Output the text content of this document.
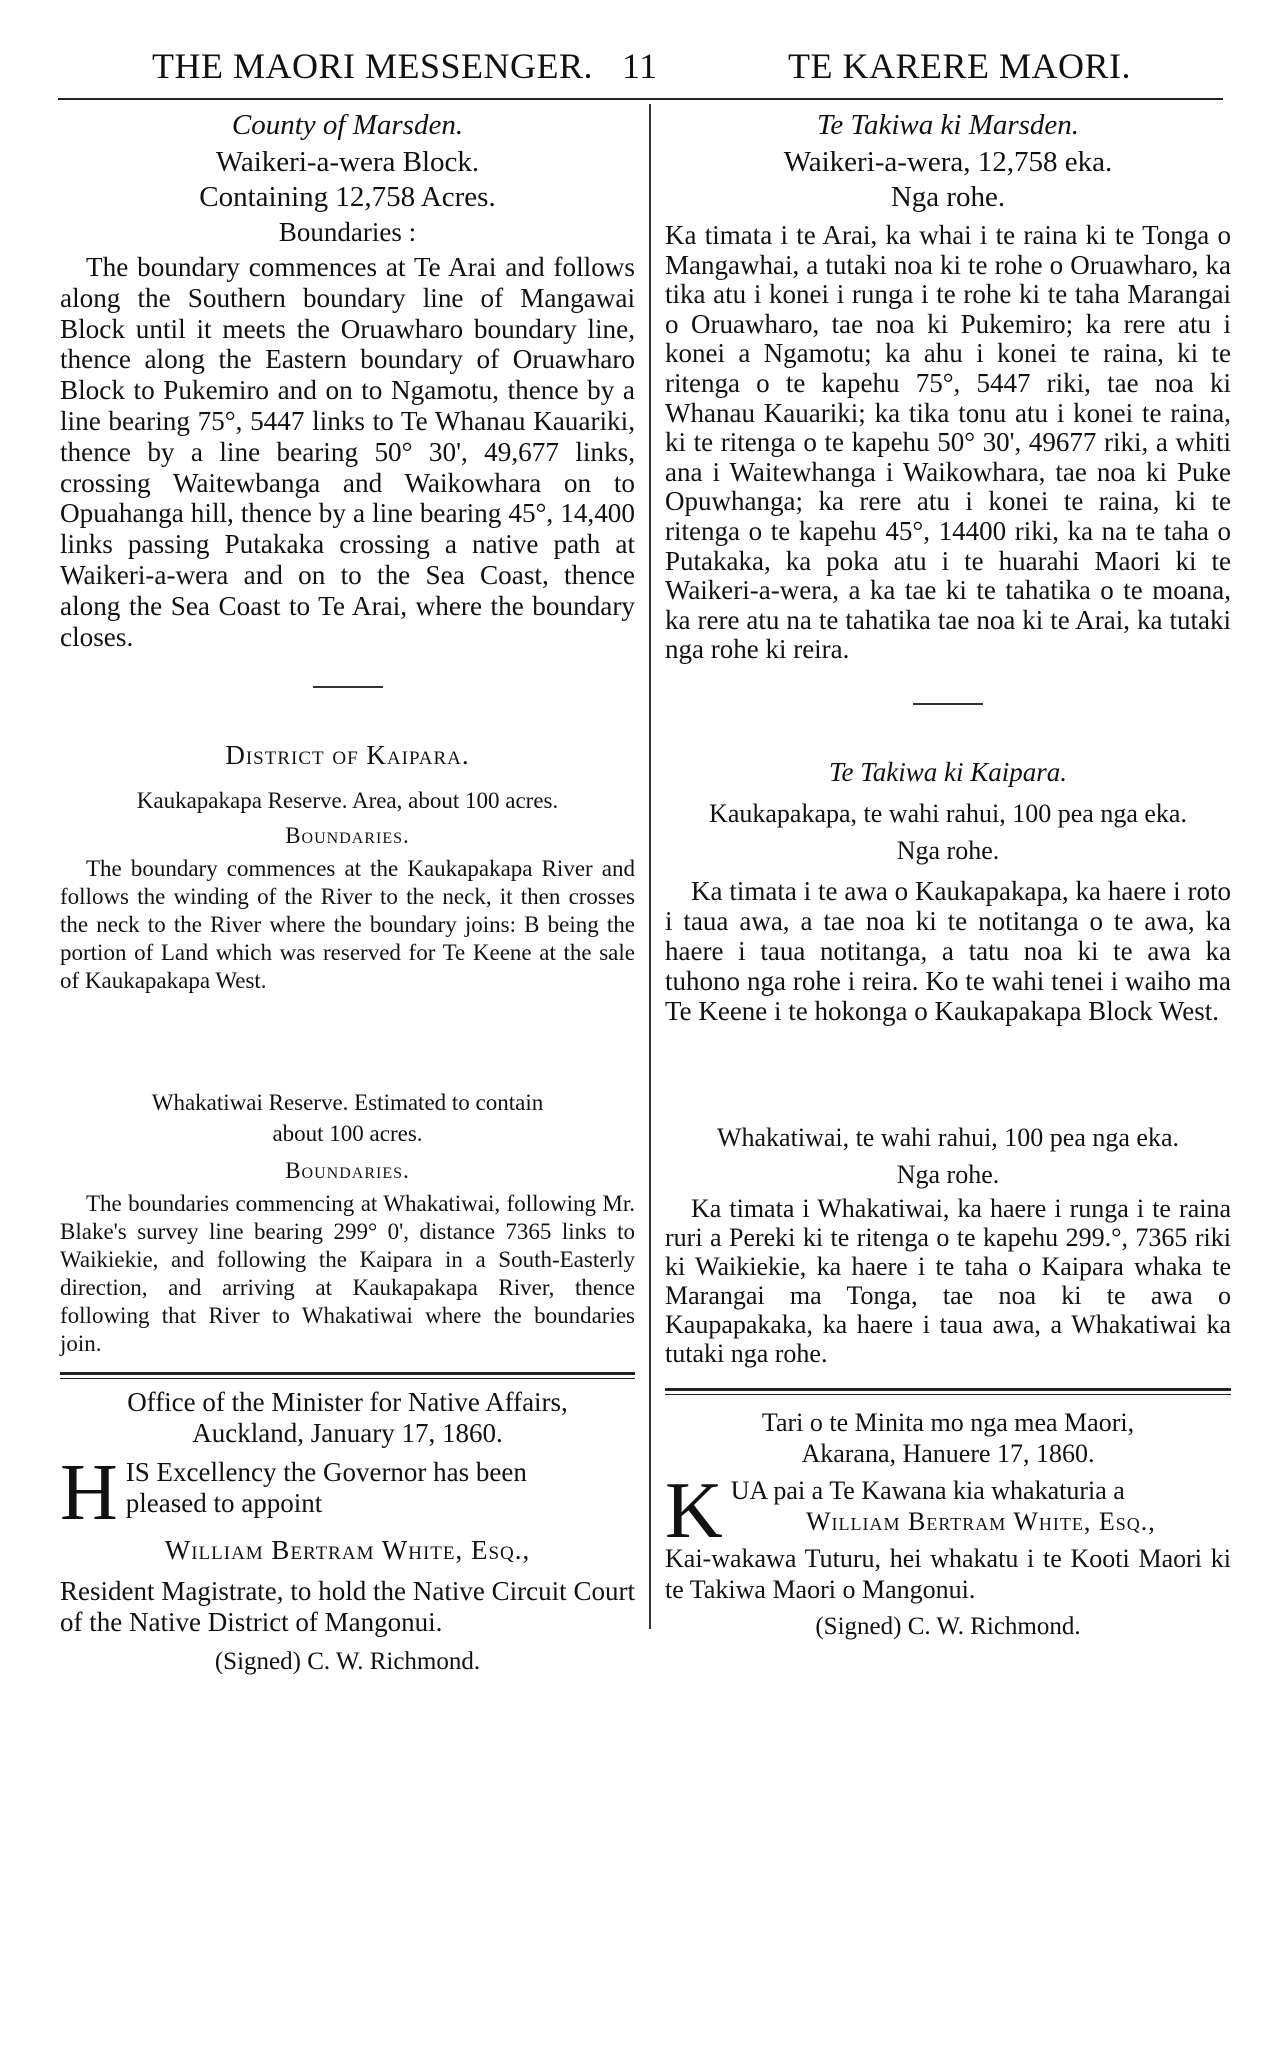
THE MAORI MESSENGER. 11	TE KARERE MAORI.

County of Marsden.

Waikeri-a-wera Block.

Containing 12,758 Acres.

Boundaries :

The boundary commences at Te Arai and follows along the Southern boundary line of Mangawai Block until it meets the Oruawharo boundary line, thence along the Eastern boundary of Oruawharo Block to Pukemiro and on to Ngamotu, thence by a line bearing 75°, 5447 links to Te Whanau Kauariki, thence by a line bearing 50° 30', 49,677 links, crossing Waitewbanga and Waikowhara on to Opuahanga hill, thence by a line bearing 45°, 14,400 links passing Putakaka crossing a native path at Waikeri-a-wera and on to the Sea Coast, thence along the Sea Coast to Te Arai, where the boundary closes.

District of Kaipara.

Kaukapakapa Reserve. Area, about 100 acres.

Boundaries.

The boundary commences at the Kaukapakapa River and follows the winding of the River to the neck, it then crosses the neck to the River where the boundary joins: B being the portion of Land which was reserved for Te Keene at the sale of Kaukapakapa West.

Whakatiwai Reserve. Estimated to contain

about 100 acres.

Boundaries.

The boundaries commencing at Whakatiwai, following Mr. Blake's survey line bearing 299° 0', distance 7365 links to Waikiekie, and following the Kaipara in a South-Easterly direction, and arriving at Kaukapakapa River, thence following that River to Whakatiwai where the boundaries join.

Office of the Minister for Native Affairs,

Auckland, January 17, 1860.

H IS Excellency the Governor has been

pleased to appoint

William Bertram White, Esq.,

Resident Magistrate, to hold the Native Circuit Court of the Native District of Mangonui.

(Signed) C. W. Richmond.

Te Takiwa ki Marsden.

Waikeri-a-wera, 12,758 eka.

Nga rohe.

Ka timata i te Arai, ka whai i te raina ki te Tonga o Mangawhai, a tutaki noa ki te rohe o Oruawharo, ka tika atu i konei i runga i te rohe ki te taha Marangai o Oruawharo, tae noa ki Pukemiro; ka rere atu i konei a Ngamotu; ka ahu i konei te raina, ki te ritenga o te kapehu 75°, 5447 riki, tae noa ki Whanau Kauariki; ka tika tonu atu i konei te raina, ki te ritenga o te kapehu 50° 30', 49677 riki, a whiti ana i Waitewhanga i Waikowhara, tae noa ki Puke Opuwhanga; ka rere atu i konei te raina, ki te ritenga o te kapehu 45°, 14400 riki, ka na te taha o Putakaka, ka poka atu i te huarahi Maori ki te Waikeri-a-wera, a ka tae ki te tahatika o te moana, ka rere atu na te tahatika tae noa ki te Arai, ka tutaki nga rohe ki reira.

Te Takiwa ki Kaipara.

Kaukapakapa, te wahi rahui, 100 pea nga eka.

Nga rohe.

Ka timata i te awa o Kaukapakapa, ka haere i roto i taua awa, a tae noa ki te notitanga o te awa, ka haere i taua notitanga, a tatu noa ki te awa ka tuhono nga rohe i reira. Ko te wahi tenei i waiho ma Te Keene i te hokonga o Kaukapakapa Block West.

Whakatiwai, te wahi rahui, 100 pea nga eka.

Nga rohe.

Ka timata i Whakatiwai, ka haere i runga i te raina ruri a Pereki ki te ritenga o te kapehu 299.°, 7365 riki ki Waikiekie, ka haere i te taha o Kaipara whaka te Marangai ma Tonga, tae noa ki te awa o Kaupapakaka, ka haere i taua awa, a Whakatiwai ka tutaki nga rohe.

Tari o te Minita mo nga mea Maori,

Akarana, Hanuere 17, 1860.

K UA pai a Te Kawana kia whakaturia a

William Bertram White, Esq.,

Kai-wakawa Tuturu, hei whakatu i te Kooti Maori ki te Takiwa Maori o Mangonui.

(Signed) C. W. Richmond.
